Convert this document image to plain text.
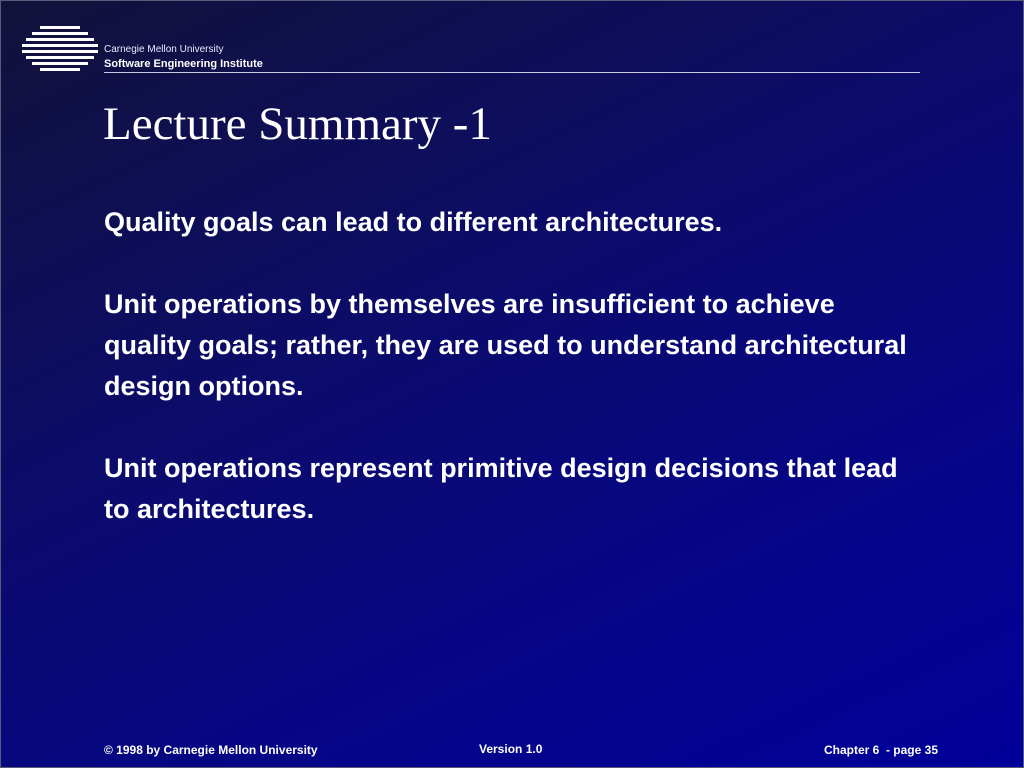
Carnegie Mellon University
Software Engineering Institute
Lecture Summary -1

Quality goals can lead to different architectures.

Unit operations by themselves are insufficient to achieve quality goals; rather, they are used to understand architectural design options.

Unit operations represent primitive design decisions that lead to architectures.

© 1998 by Carnegie Mellon University	Version 1.0	Chapter 6  - page 35
